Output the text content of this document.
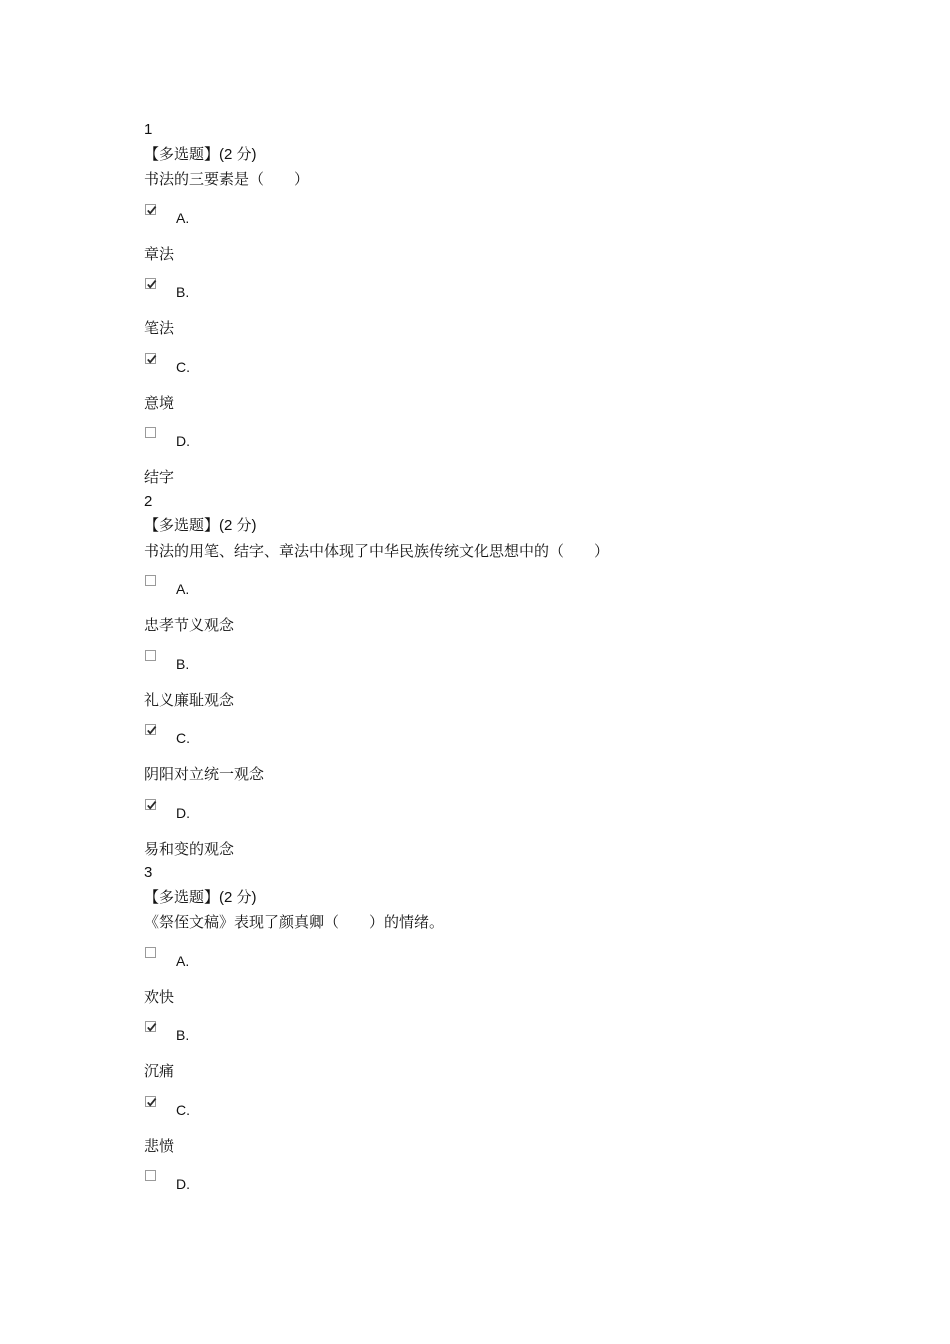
1
【多选题】(2 分)
书法的三要素是（　　）
A.
章法
B.
笔法
C.
意境
D.
结字
2
【多选题】(2 分)
书法的用笔、结字、章法中体现了中华民族传统文化思想中的（　　）
A.
忠孝节义观念
B.
礼义廉耻观念
C.
阴阳对立统一观念
D.
易和变的观念
3
【多选题】(2 分)
《祭侄文稿》表现了颜真卿（　　）的情绪。
A.
欢快
B.
沉痛
C.
悲愤
D.
